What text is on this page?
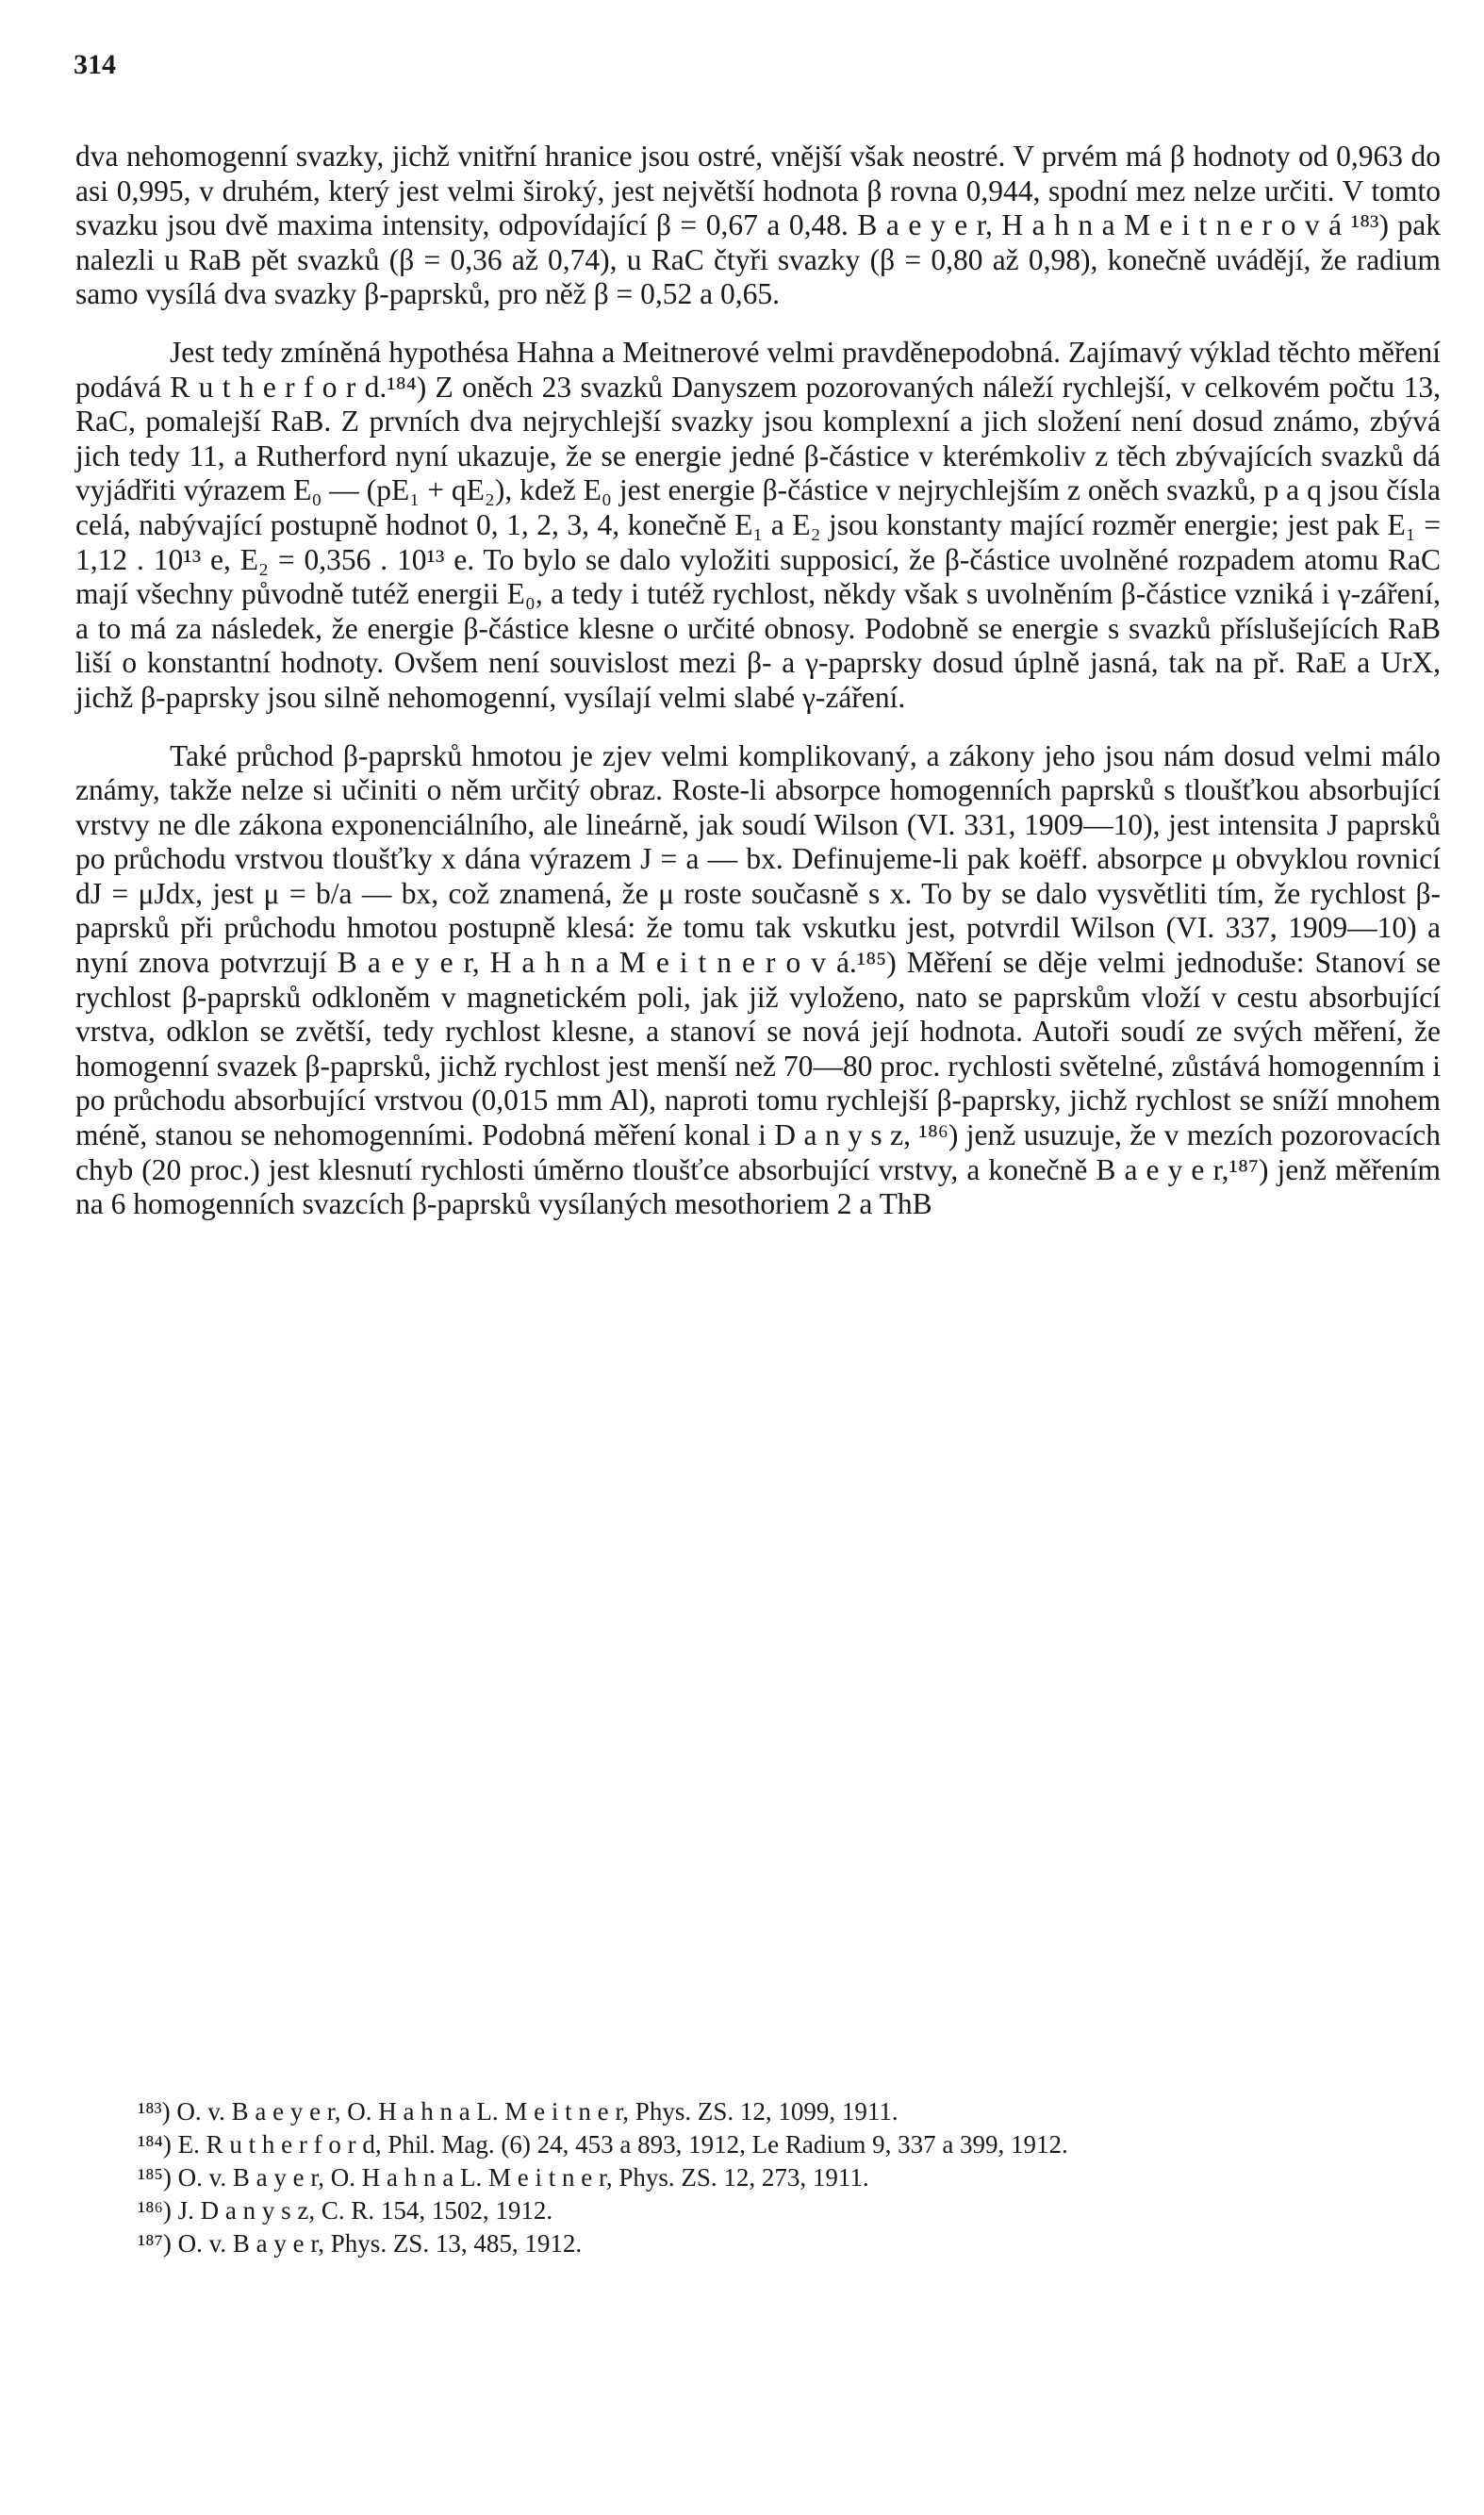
314

dva nehomogenní svazky, jichž vnitřní hranice jsou ostré, vnější však neostré. V prvém má β hodnoty od 0,963 do asi 0,995, v druhém, který jest velmi široký, jest největší hodnota β rovna 0,944, spodní mez nelze určiti. V tomto svazku jsou dvě maxima intensity, odpovídající β = 0,67 a 0,48. B a e y e r, H a h n a M e i t n e r o v á ¹⁸³) pak nalezli u RaB pět svazků (β = 0,36 až 0,74), u RaC čtyři svazky (β = 0,80 až 0,98), konečně uvádějí, že radium samo vysílá dva svazky β-paprsků, pro něž β = 0,52 a 0,65.

Jest tedy zmíněná hypothésa Hahna a Meitnerové velmi pravděnepodobná. Zajímavý výklad těchto měření podává R u t h e r f o r d.¹⁸⁴) Z oněch 23 svazků Danyszem pozorovaných náleží rychlejší, v celkovém počtu 13, RaC, pomalejší RaB. Z prvních dva nejrychlejší svazky jsou komplexní a jich složení není dosud známo, zbývá jich tedy 11, a Rutherford nyní ukazuje, že se energie jedné β-částice v kterémkoliv z těch zbývajících svazků dá vyjádřiti výrazem E₀ — (pE₁ + qE₂), kdež E₀ jest energie β-částice v nejrychlejším z oněch svazků, p a q jsou čísla celá, nabývající postupně hodnot 0, 1, 2, 3, 4, konečně E₁ a E₂ jsou konstanty mající rozměr energie; jest pak E₁ = 1,12 . 10¹³ e, E₂ = 0,356 . 10¹³ e. To bylo se dalo vyložiti supposicí, že β-částice uvolněné rozpadem atomu RaC mají všechny původně tutéž energii E₀, a tedy i tutéž rychlost, někdy však s uvolněním β-částice vzniká i γ-záření, a to má za následek, že energie β-částice klesne o určité obnosy. Podobně se energie s svazků příslušejících RaB liší o konstantní hodnoty. Ovšem není souvislost mezi β- a γ-paprsky dosud úplně jasná, tak na př. RaE a UrX, jichž β-paprsky jsou silně nehomogenní, vysílají velmi slabé γ-záření.

Také průchod β-paprsků hmotou je zjev velmi komplikovaný, a zákony jeho jsou nám dosud velmi málo známy, takže nelze si učiniti o něm určitý obraz. Roste-li absorpce homogenních paprsků s tloušťkou absorbující vrstvy ne dle zákona exponenciálního, ale lineárně, jak soudí Wilson (VI. 331, 1909—10), jest intensita J paprsků po průchodu vrstvou tloušťky x dána výrazem J = a — bx. Definujeme-li pak koëff. absorpce μ obvyklou rovnicí dJ = μJdx, jest μ = b/a — bx, což znamená, že μ roste současně s x. To by se dalo vysvětliti tím, že rychlost β-paprsků při průchodu hmotou postupně klesá: že tomu tak vskutku jest, potvrdil Wilson (VI. 337, 1909—10) a nyní znova potvrzují B a e y e r, H a h n a M e i t n e r o v á.¹⁸⁵) Měření se děje velmi jednoduše: Stanoví se rychlost β-paprsků odkloněm v magnetickém poli, jak již vyloženo, nato se paprskům vloží v cestu absorbující vrstva, odklon se zvětší, tedy rychlost klesne, a stanoví se nová její hodnota. Autoři soudí ze svých měření, že homogenní svazek β-paprsků, jichž rychlost jest menší než 70—80 proc. rychlosti světelné, zůstává homogenním i po průchodu absorbující vrstvou (0,015 mm Al), naproti tomu rychlejší β-paprsky, jichž rychlost se sníží mnohem méně, stanou se nehomogenními. Podobná měření konal i D a n y s z, ¹⁸⁶) jenž usuzuje, že v mezích pozorovacích chyb (20 proc.) jest klesnutí rychlosti úměrno tloušťce absorbující vrstvy, a konečně B a e y e r,¹⁸⁷) jenž měřením na 6 homogenních svazcích β-paprsků vysílaných mesothoriem 2 a ThB

¹⁸³) O. v. B a e y e r, O. H a h n a L. M e i t n e r, Phys. ZS. 12, 1099, 1911.

¹⁸⁴) E. R u t h e r f o r d, Phil. Mag. (6) 24, 453 a 893, 1912, Le Radium 9, 337 a 399, 1912.

¹⁸⁵) O. v. B a y e r, O. H a h n a L. M e i t n e r, Phys. ZS. 12, 273, 1911.

¹⁸⁶) J. D a n y s z, C. R. 154, 1502, 1912.

¹⁸⁷) O. v. B a y e r, Phys. ZS. 13, 485, 1912.
